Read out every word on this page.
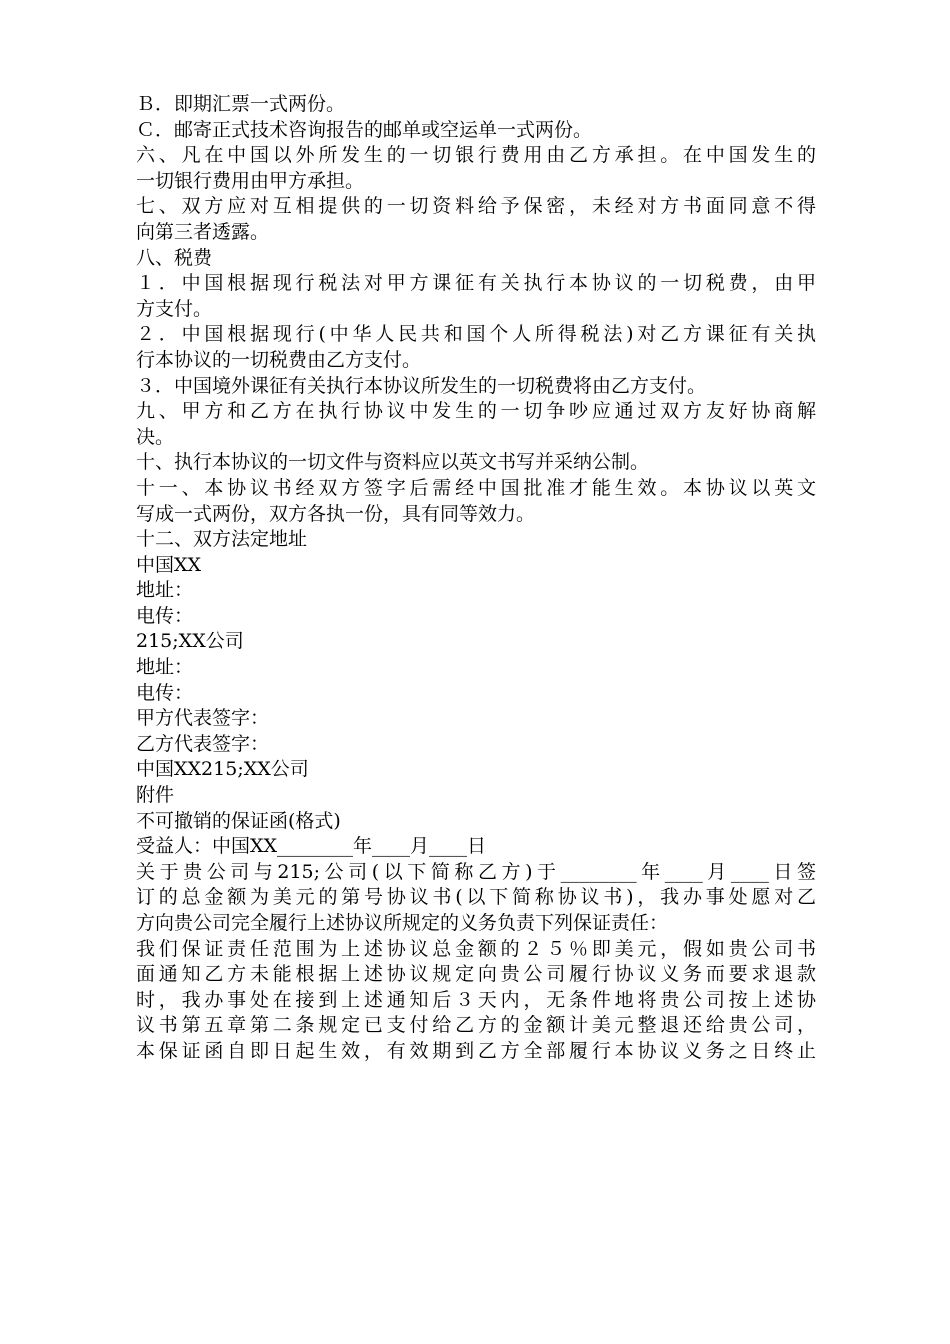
Ｂ．即期汇票一式两份。
Ｃ．邮寄正式技术咨询报告的邮单或空运单一式两份。
六、凡在中国以外所发生的一切银行费用由乙方承担。在中国发生的
一切银行费用由甲方承担。
七、双方应对互相提供的一切资料给予保密，未经对方书面同意不得
向第三者透露。
八、税费
１．中国根据现行税法对甲方课征有关执行本协议的一切税费，由甲
方支付。
２．中国根据现行(中华人民共和国个人所得税法)对乙方课征有关执
行本协议的一切税费由乙方支付。
３．中国境外课征有关执行本协议所发生的一切税费将由乙方支付。
九、甲方和乙方在执行协议中发生的一切争吵应通过双方友好协商解
决。
十、执行本协议的一切文件与资料应以英文书写并采纳公制。
十一、本协议书经双方签字后需经中国批准才能生效。本协议以英文
写成一式两份，双方各执一份，具有同等效力。
十二、双方法定地址
中国XX
地址：
电传：
215;XX公司
地址：
电传：
甲方代表签字：
乙方代表签字：
中国XX215;XX公司
附件
不可撤销的保证函(格式)
受益人：中国XX________年____月____日
关于贵公司与215;公司(以下简称乙方)于________年____月____日签
订的总金额为美元的第号协议书(以下简称协议书)，我办事处愿对乙
方向贵公司完全履行上述协议所规定的义务负责下列保证责任：
我们保证责任范围为上述协议总金额的２５％即美元，假如贵公司书
面通知乙方未能根据上述协议规定向贵公司履行协议义务而要求退款
时，我办事处在接到上述通知后３天内，无条件地将贵公司按上述协
议书第五章第二条规定已支付给乙方的金额计美元整退还给贵公司，
本保证函自即日起生效，有效期到乙方全部履行本协议义务之日终止
